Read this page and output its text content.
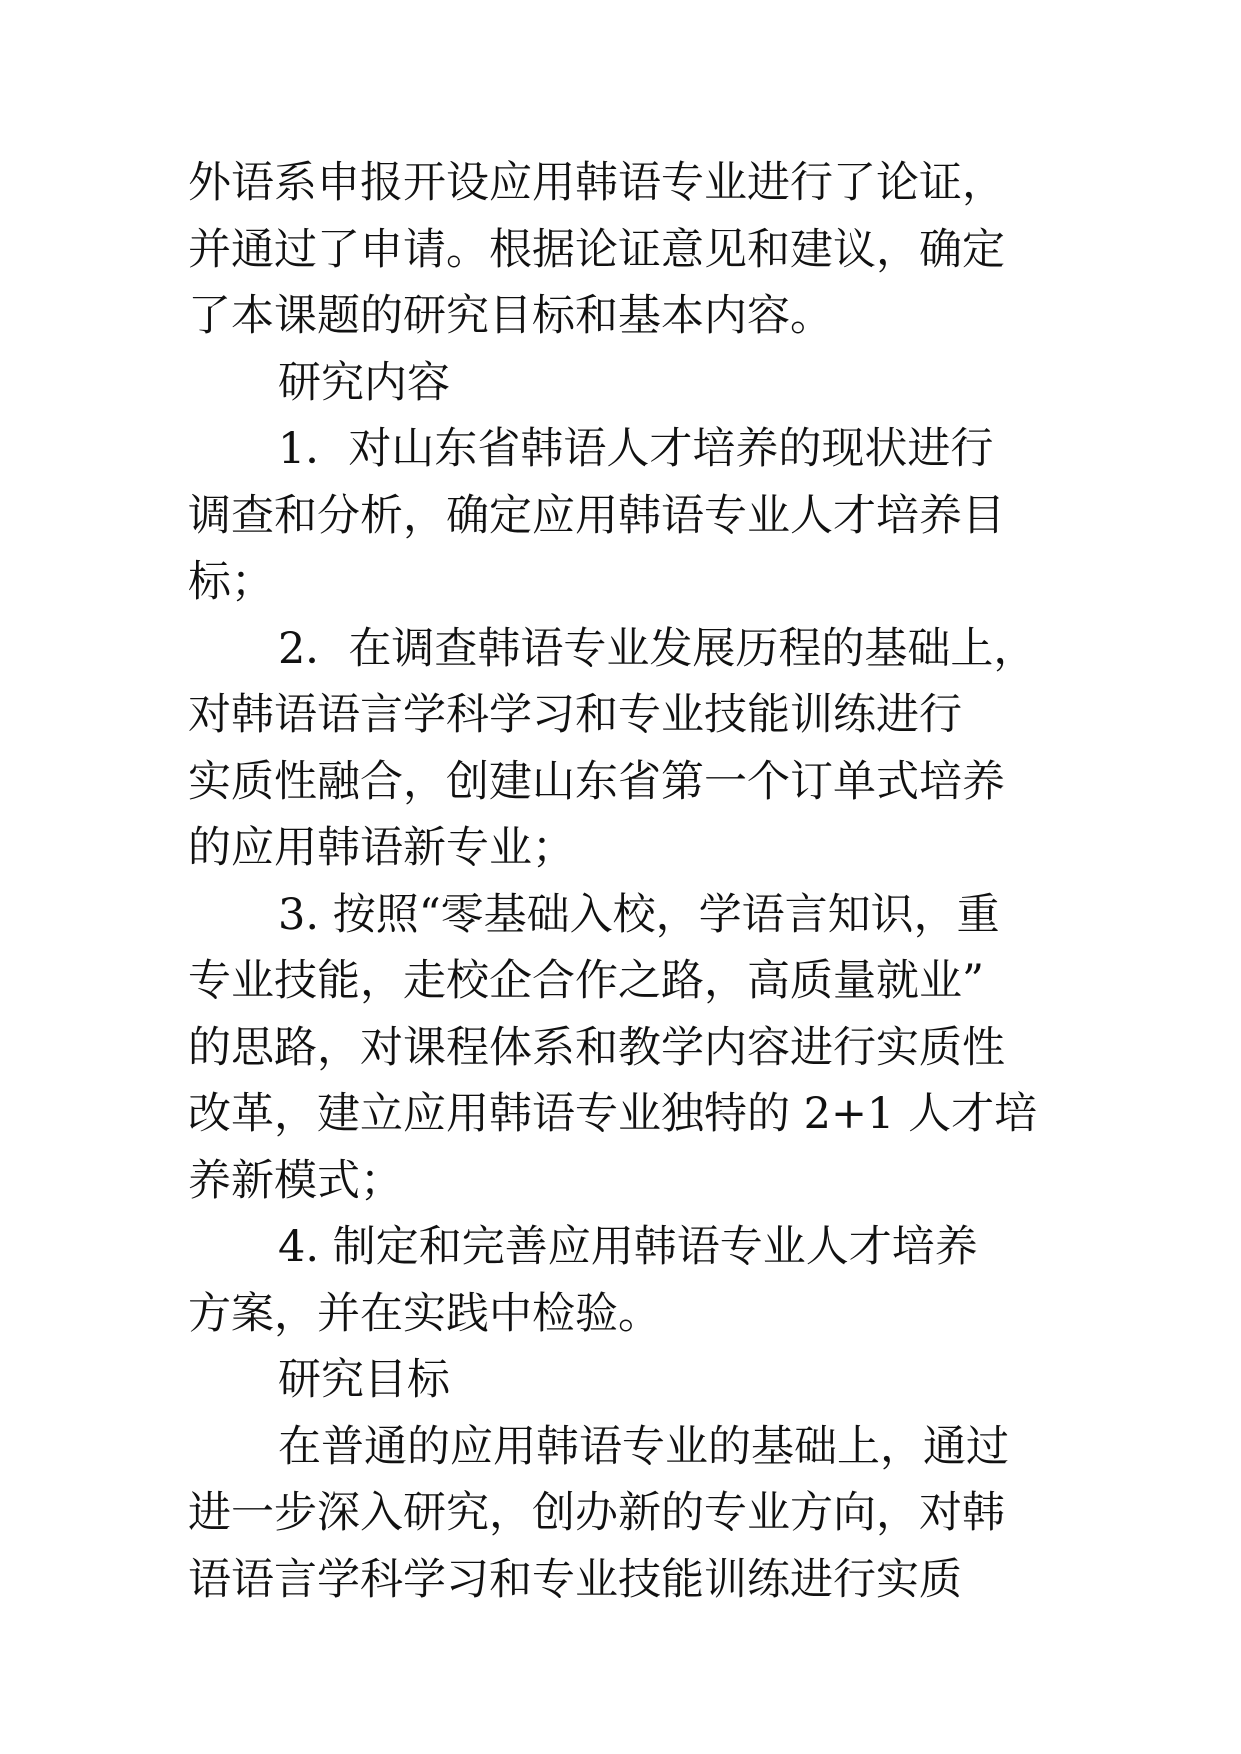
外语系申报开设应用韩语专业进行了论证，
并通过了申请。根据论证意见和建议，确定
了本课题的研究目标和基本内容。
研究内容
1．对山东省韩语人才培养的现状进行
调查和分析，确定应用韩语专业人才培养目
标；
2．在调查韩语专业发展历程的基础上，
对韩语语言学科学习和专业技能训练进行
实质性融合，创建山东省第一个订单式培养
的应用韩语新专业；
3. 按照“零基础入校，学语言知识，重
专业技能，走校企合作之路，高质量就业”
的思路，对课程体系和教学内容进行实质性
改革，建立应用韩语专业独特的 2+1 人才培
养新模式；
4. 制定和完善应用韩语专业人才培养
方案，并在实践中检验。
研究目标
在普通的应用韩语专业的基础上，通过
进一步深入研究，创办新的专业方向，对韩
语语言学科学习和专业技能训练进行实质
